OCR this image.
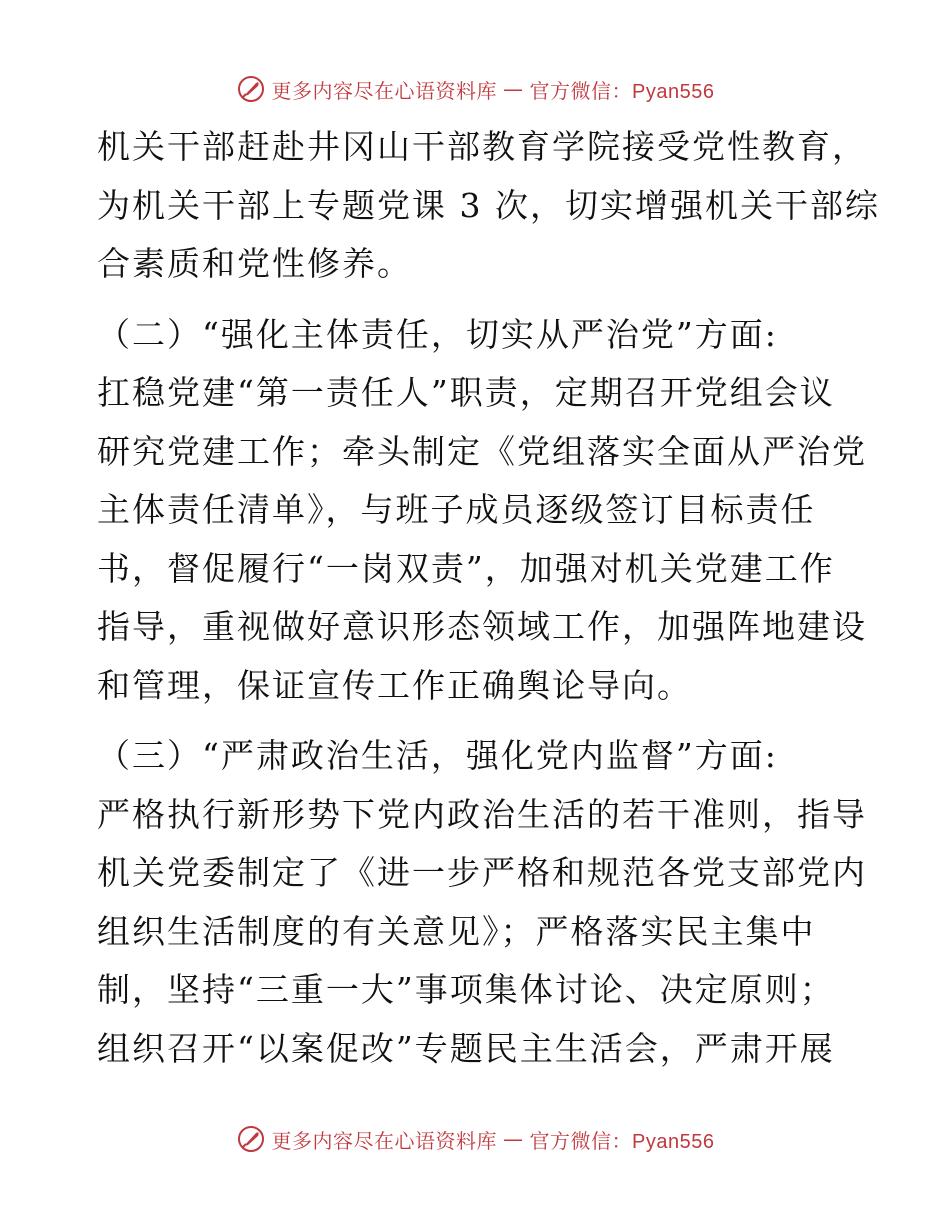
更多内容尽在心语资料库 — 官方微信：Pyan556
机关干部赶赴井冈山干部教育学院接受党性教育，
为机关干部上专题党课 3 次，切实增强机关干部综
合素质和党性修养。
（二）“强化主体责任，切实从严治党”方面:
扛稳党建“第一责任人”职责，定期召开党组会议
研究党建工作；牵头制定《党组落实全面从严治党
主体责任清单》，与班子成员逐级签订目标责任
书，督促履行“一岗双责”，加强对机关党建工作
指导，重视做好意识形态领域工作，加强阵地建设
和管理，保证宣传工作正确舆论导向。
（三）“严肃政治生活，强化党内监督”方面:
严格执行新形势下党内政治生活的若干准则，指导
机关党委制定了《进一步严格和规范各党支部党内
组织生活制度的有关意见》；严格落实民主集中
制，坚持“三重一大”事项集体讨论、决定原则；
组织召开“以案促改”专题民主生活会，严肃开展
更多内容尽在心语资料库 — 官方微信：Pyan556
